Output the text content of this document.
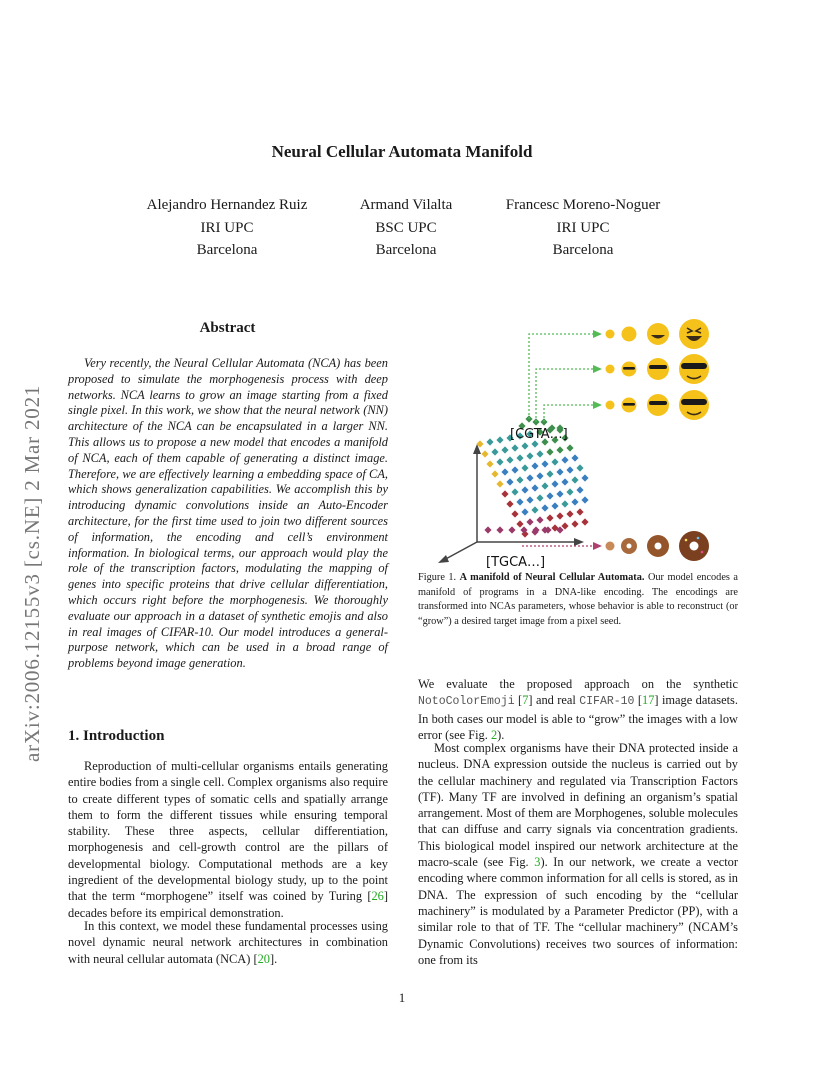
Neural Cellular Automata Manifold
Alejandro Hernandez Ruiz
IRI UPC
Barcelona
Armand Vilalta
BSC UPC
Barcelona
Francesc Moreno-Noguer
IRI UPC
Barcelona
arXiv:2006.12155v3 [cs.NE] 2 Mar 2021
Abstract
Very recently, the Neural Cellular Automata (NCA) has been proposed to simulate the morphogenesis process with deep networks. NCA learns to grow an image starting from a fixed single pixel. In this work, we show that the neural network (NN) architecture of the NCA can be encapsulated in a larger NN. This allows us to propose a new model that encodes a manifold of NCA, each of them capable of generating a distinct image. Therefore, we are effectively learning a embedding space of CA, which shows generalization capabilities. We accomplish this by introducing dynamic convolutions inside an Auto-Encoder architecture, for the first time used to join two different sources of information, the encoding and cell’s environment information. In biological terms, our approach would play the role of the transcription factors, modulating the mapping of genes into specific proteins that drive cellular differentiation, which occurs right before the morphogenesis. We thoroughly evaluate our approach in a dataset of synthetic emojis and also in real images of CIFAR-10. Our model introduces a general-purpose network, which can be used in a broad range of problems beyond image generation.
1. Introduction
Reproduction of multi-cellular organisms entails generating entire bodies from a single cell. Complex organisms also require to create different types of somatic cells and spatially arrange them to form the different tissues while ensuring temporal stability. These three aspects, cellular differentiation, morphogenesis and cell-growth control are the pillars of developmental biology. Computational methods are a key ingredient of the developmental biology study, up to the point that the term “morphogene” itself was coined by Turing [26] decades before its empirical demonstration.
In this context, we model these fundamental processes using novel dynamic neural network architectures in combination with neural cellular automata (NCA) [20].
[CGTA…]
[TGCA…]
Figure 1. A manifold of Neural Cellular Automata. Our model encodes a manifold of programs in a DNA-like encoding. The encodings are transformed into NCAs parameters, whose behavior is able to reconstruct (or “grow”) a desired target image from a pixel seed.
We evaluate the proposed approach on the synthetic NotoColorEmoji [7] and real CIFAR-10 [17] image datasets. In both cases our model is able to “grow” the images with a low error (see Fig. 2).
Most complex organisms have their DNA protected inside a nucleus. DNA expression outside the nucleus is carried out by the cellular machinery and regulated via Transcription Factors (TF). Many TF are involved in defining an organism’s spatial arrangement. Most of them are Morphogenes, soluble molecules that can diffuse and carry signals via concentration gradients. This biological model inspired our network architecture at the macro-scale (see Fig. 3). In our network, we create a vector encoding where common information for all cells is stored, as in DNA. The expression of such encoding by the “cellular machinery” is modulated by a Parameter Predictor (PP), with a similar role to that of TF. The “cellular machinery” (NCAM’s Dynamic Convolutions) receives two sources of information: one from its
1
